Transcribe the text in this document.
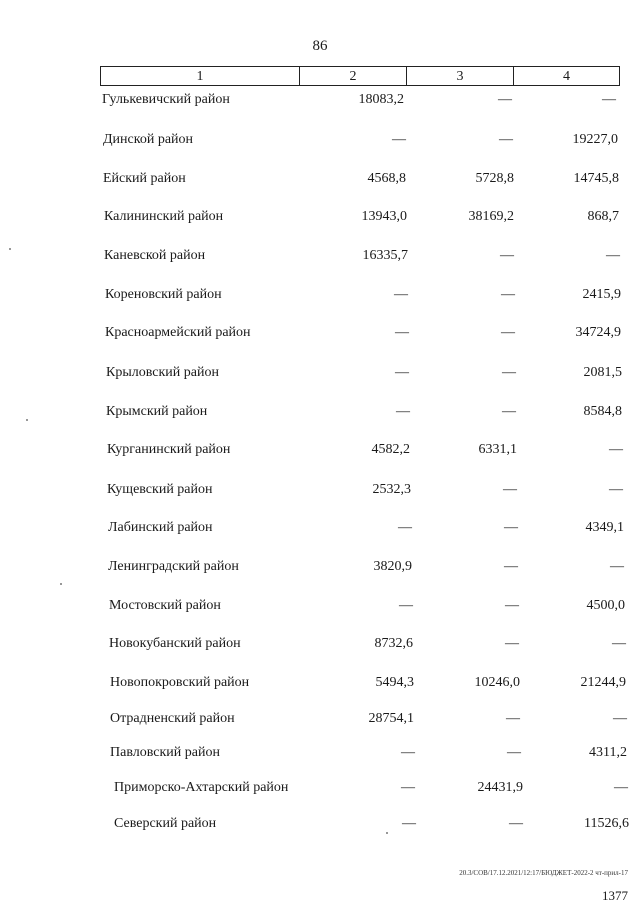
86
1	2	3	4
Гулькевичский район	18083,2	—	—
Динской район	—	—	19227,0
Ейский район	4568,8	5728,8	14745,8
Калининский район	13943,0	38169,2	868,7
Каневской район	16335,7	—	—
Кореновский район	—	—	2415,9
Красноармейский район	—	—	34724,9
Крыловский район	—	—	2081,5
Крымский район	—	—	8584,8
Курганинский район	4582,2	6331,1	—
Кущевский район	2532,3	—	—
Лабинский район	—	—	4349,1
Ленинградский район	3820,9	—	—
Мостовский район	—	—	4500,0
Новокубанский район	8732,6	—	—
Новопокровский район	5494,3	10246,0	21244,9
Отрадненский район	28754,1	—	—
Павловский район	—	—	4311,2
Приморско-Ахтарский район	—	24431,9	—
Северский район	—	—	11526,6
20.3/СОВ/17.12.2021/12:17/БЮДЖЕТ-2022-2 чт-прил-17
1377
